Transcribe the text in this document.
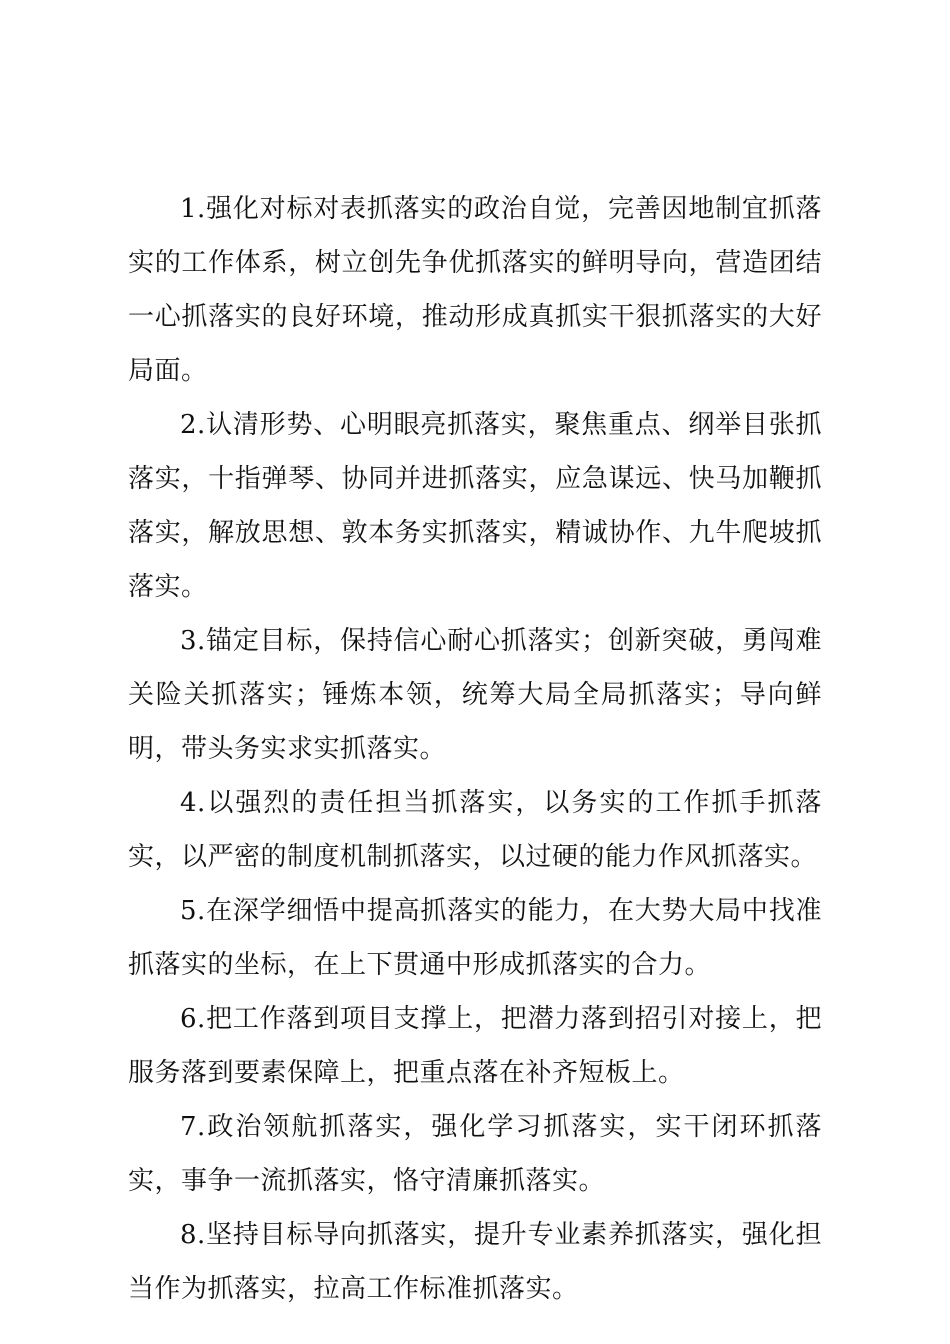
1.强化对标对表抓落实的政治自觉，完善因地制宜抓落实的工作体系，树立创先争优抓落实的鲜明导向，营造团结一心抓落实的良好环境，推动形成真抓实干狠抓落实的大好局面。

2.认清形势、心明眼亮抓落实，聚焦重点、纲举目张抓落实，十指弹琴、协同并进抓落实，应急谋远、快马加鞭抓落实，解放思想、敦本务实抓落实，精诚协作、九牛爬坡抓落实。

3.锚定目标，保持信心耐心抓落实；创新突破，勇闯难关险关抓落实；锤炼本领，统筹大局全局抓落实；导向鲜明，带头务实求实抓落实。

4.以强烈的责任担当抓落实，以务实的工作抓手抓落实，以严密的制度机制抓落实，以过硬的能力作风抓落实。

5.在深学细悟中提高抓落实的能力，在大势大局中找准抓落实的坐标，在上下贯通中形成抓落实的合力。

6.把工作落到项目支撑上，把潜力落到招引对接上，把服务落到要素保障上，把重点落在补齐短板上。

7.政治领航抓落实，强化学习抓落实，实干闭环抓落实，事争一流抓落实，恪守清廉抓落实。

8.坚持目标导向抓落实，提升专业素养抓落实，强化担当作为抓落实，拉高工作标准抓落实。
